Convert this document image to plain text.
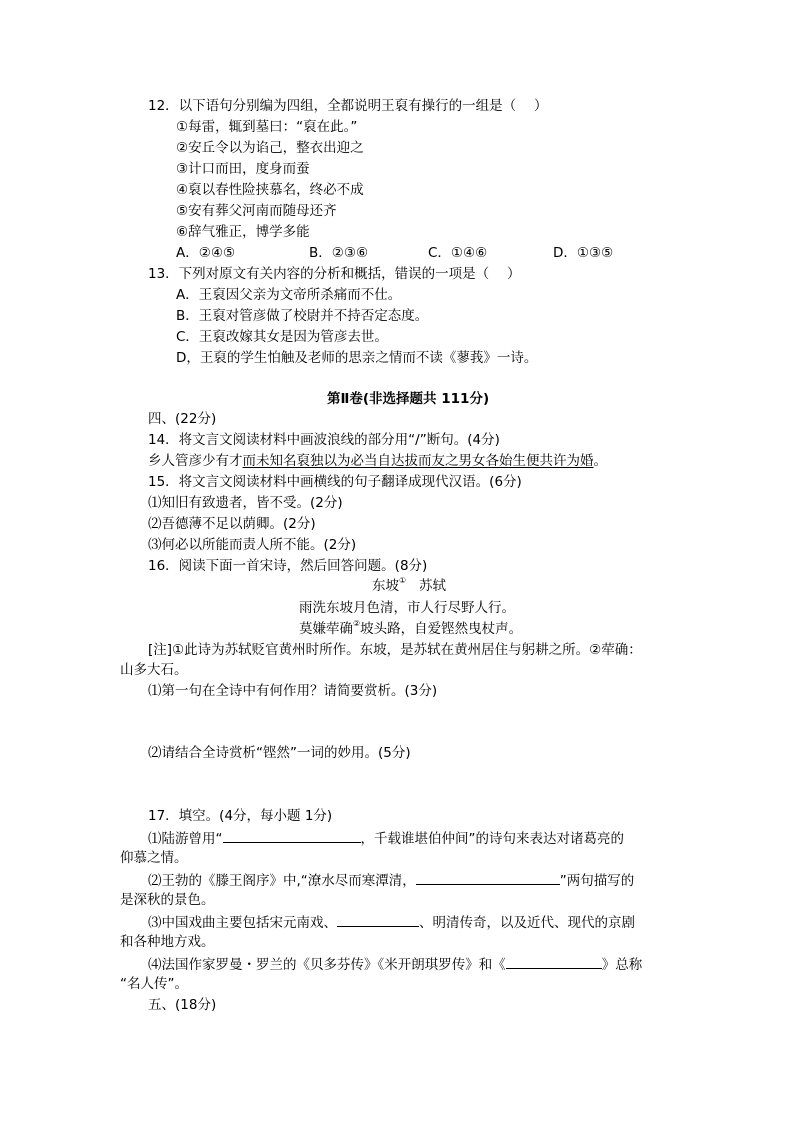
12．以下语句分别编为四组，全都说明王裒有操行的一组是（　 ）
①每雷，辄到墓曰：“裒在此。”
②安丘令以为谄己，整衣出迎之
③计口而田，度身而蚕
④裒以春性险挟慕名，终必不成
⑤安有葬父河南而随母还齐
⑥辞气雅正，博学多能
A．②④⑤	B．②③⑥	C．①④⑥	D．①③⑤
13．下列对原文有关内容的分析和概括，错误的一项是（　 ）
A．王裒因父亲为文帝所杀痛而不仕。
B．王裒对管彦做了校尉并不持否定态度。
C．王裒改嫁其女是因为管彦去世。
D，王裒的学生怕触及老师的思亲之情而不读《蓼莪》一诗。
第Ⅱ卷(非选择题共 111分)
四、(22分)
14．将文言文阅读材料中画波浪线的部分用“/”断句。(4分)
乡人管彦少有才而未知名裒独以为必当自达拔而友之男女各始生便共许为婚。
15．将文言文阅读材料中画横线的句子翻译成现代汉语。(6分)
⑴知旧有致遗者，皆不受。(2分)
⑵吾德薄不足以荫卿。(2分)
⑶何必以所能而责人所不能。(2分)
16．阅读下面一首宋诗，然后回答问题。(8分)
东坡① 苏轼
雨洗东坡月色清，市人行尽野人行。
莫嫌荦确②坡头路，自爱铿然曳杖声。
[注]①此诗为苏轼贬官黄州时所作。东坡，是苏轼在黄州居住与躬耕之所。②荦确：
山多大石。
⑴第一句在全诗中有何作用？请简要赏析。(3分)
⑵请结合全诗赏析“铿然”一词的妙用。(5分)
17．填空。(4分，每小题 1分)
⑴陆游曾用“	，千载谁堪伯仲间”的诗句来表达对诸葛亮的
仰慕之情。
⑵王勃的《滕王阁序》中,“潦水尽而寒潭清，	”两句描写的
是深秋的景色。
⑶中国戏曲主要包括宋元南戏、	、明清传奇，以及近代、现代的京剧
和各种地方戏。
⑷法国作家罗曼・罗兰的《贝多芬传》《米开朗琪罗传》和《	》总称
“名人传”。
五、(18分)
